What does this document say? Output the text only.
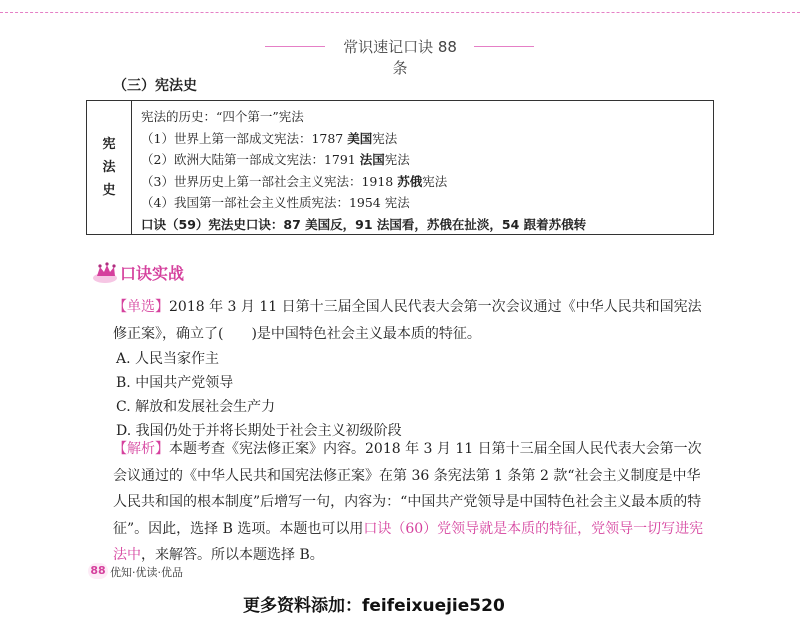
常识速记口诀 88 条
（三）宪法史
宪
法
史
宪法的历史：“四个第一”宪法
（1）世界上第一部成文宪法：1787 美国宪法
（2）欧洲大陆第一部成文宪法：1791 法国宪法
（3）世界历史上第一部社会主义宪法：1918 苏俄宪法
（4）我国第一部社会主义性质宪法：1954 宪法
口诀（59）宪法史口诀：87 美国反，91 法国看，苏俄在扯淡，54 跟着苏俄转
口诀实战
【单选】2018 年 3 月 11 日第十三届全国人民代表大会第一次会议通过《中华人民共和国宪法修正案》，确立了(　　)是中国特色社会主义最本质的特征。
A. 人民当家作主
B. 中国共产党领导
C. 解放和发展社会生产力
D. 我国仍处于并将长期处于社会主义初级阶段
【解析】本题考查《宪法修正案》内容。2018 年 3 月 11 日第十三届全国人民代表大会第一次会议通过的《中华人民共和国宪法修正案》在第 36 条宪法第 1 条第 2 款“社会主义制度是中华人民共和国的根本制度”后增写一句，内容为：“中国共产党领导是中国特色社会主义最本质的特征”。因此，选择 B 选项。本题也可以用口诀（60）党领导就是本质的特征，党领导一切写进宪法中，来解答。所以本题选择 B。
88 优知·优读·优品
更多资料添加：feifeixuejie520
